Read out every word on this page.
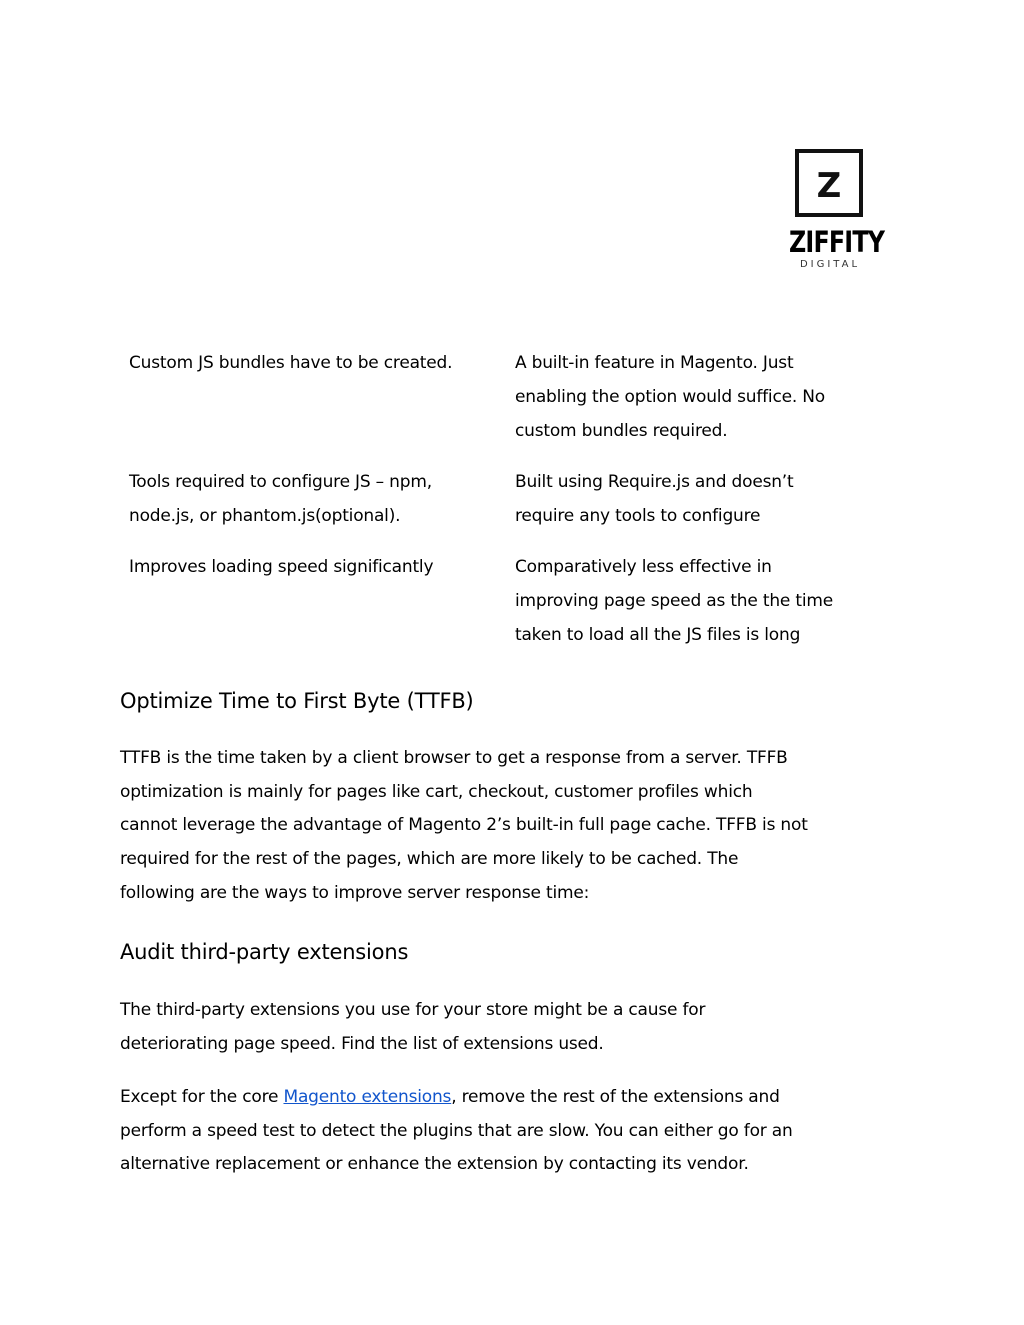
Z
ZIFFITY
DIGITAL
Custom JS bundles have to be created.	A built-in feature in Magento. Just
enabling the option would suffice. No
custom bundles required.
Tools required to configure JS – npm,
node.js, or phantom.js(optional).
Built using Require.js and doesn’t
require any tools to configure
Improves loading speed significantly	Comparatively less effective in
improving page speed as the the time
taken to load all the JS files is long
Optimize Time to First Byte (TTFB)
TTFB is the time taken by a client browser to get a response from a server. TFFB
optimization is mainly for pages like cart, checkout, customer profiles which
cannot leverage the advantage of Magento 2’s built-in full page cache. TFFB is not
required for the rest of the pages, which are more likely to be cached. The
following are the ways to improve server response time:
Audit third-party extensions
The third-party extensions you use for your store might be a cause for
deteriorating page speed. Find the list of extensions used.
Except for the core Magento extensions, remove the rest of the extensions and
perform a speed test to detect the plugins that are slow. You can either go for an
alternative replacement or enhance the extension by contacting its vendor.
